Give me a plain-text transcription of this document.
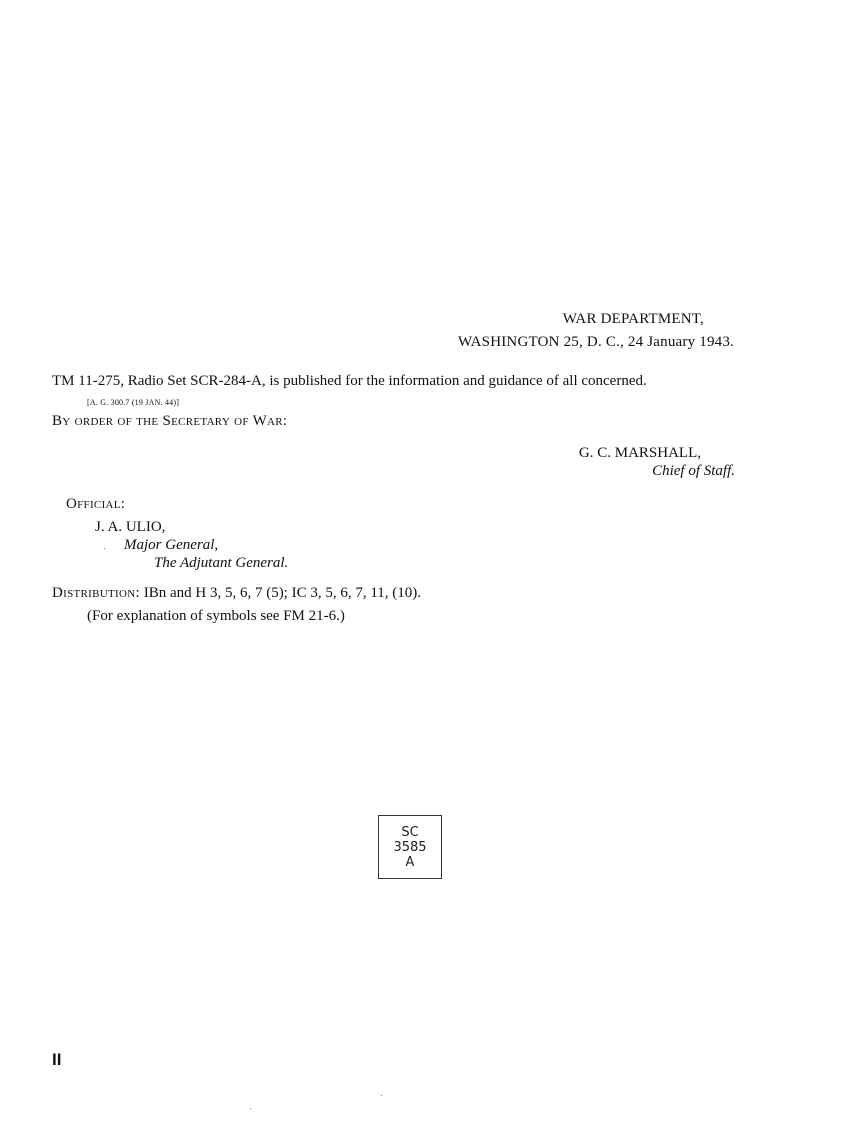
WAR DEPARTMENT,
WASHINGTON 25, D. C., 24 January 1943.
TM 11-275, Radio Set SCR-284-A, is published for the information and guidance of all concerned.
[A. G. 300.7 (19 JAN. 44)]
By order of the Secretary of War:
G. C. MARSHALL,
Chief of Staff.
Official:
J. A. ULIO,
Major General,
The Adjutant General.
Distribution: IBn and H 3, 5, 6, 7 (5); IC 3, 5, 6, 7, 11, (10).
(For explanation of symbols see FM 21-6.)
SC
3585
A
II
